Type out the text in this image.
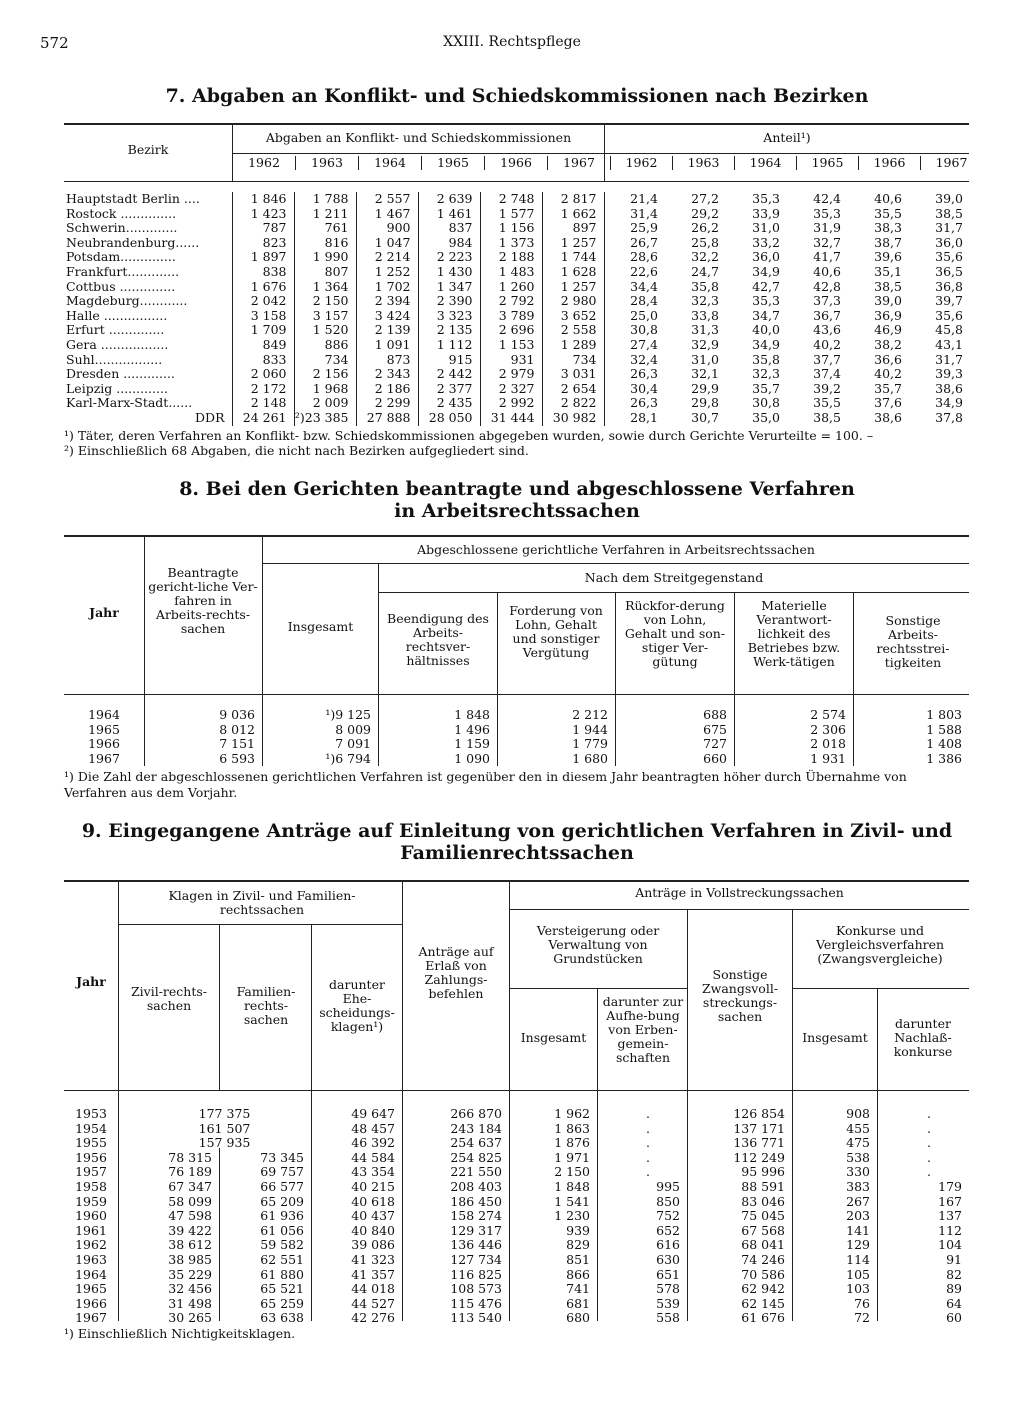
572	XXIII. Rechtspflege
7. Abgaben an Konflikt- und Schiedskommissionen nach Bezirken
Bezirk
Abgaben an Konflikt- und Schiedskommissionen	Anteil¹)
1962	1963	1964	1965	1966	1967	1962	1963	1964	1965	1966	1967
Hauptstadt Berlin ....	1 846	1 788	2 557	2 639	2 748	2 817	21,4	27,2	35,3	42,4	40,6	39,0
Rostock ..............	1 423	1 211	1 467	1 461	1 577	1 662	31,4	29,2	33,9	35,3	35,5	38,5
Schwerin.............	787	761	900	837	1 156	897	25,9	26,2	31,0	31,9	38,3	31,7
Neubrandenburg......	823	816	1 047	984	1 373	1 257	26,7	25,8	33,2	32,7	38,7	36,0
Potsdam..............	1 897	1 990	2 214	2 223	2 188	1 744	28,6	32,2	36,0	41,7	39,6	35,6
Frankfurt.............	838	807	1 252	1 430	1 483	1 628	22,6	24,7	34,9	40,6	35,1	36,5
Cottbus ..............	1 676	1 364	1 702	1 347	1 260	1 257	34,4	35,8	42,7	42,8	38,5	36,8
Magdeburg............	2 042	2 150	2 394	2 390	2 792	2 980	28,4	32,3	35,3	37,3	39,0	39,7
Halle ................	3 158	3 157	3 424	3 323	3 789	3 652	25,0	33,8	34,7	36,7	36,9	35,6
Erfurt ..............	1 709	1 520	2 139	2 135	2 696	2 558	30,8	31,3	40,0	43,6	46,9	45,8
Gera .................	849	886	1 091	1 112	1 153	1 289	27,4	32,9	34,9	40,2	38,2	43,1
Suhl.................	833	734	873	915	931	734	32,4	31,0	35,8	37,7	36,6	31,7
Dresden .............	2 060	2 156	2 343	2 442	2 979	3 031	26,3	32,1	32,3	37,4	40,2	39,3
Leipzig .............	2 172	1 968	2 186	2 377	2 327	2 654	30,4	29,9	35,7	39,2	35,7	38,6
Karl-Marx-Stadt......	2 148	2 009	2 299	2 435	2 992	2 822	26,3	29,8	30,8	35,5	37,6	34,9
DDR	24 261	²)23 385	27 888	28 050	31 444	30 982	28,1	30,7	35,0	38,5	38,6	37,8
¹) Täter, deren Verfahren an Konflikt- bzw. Schiedskommissionen abgegeben wurden, sowie durch Gerichte Verurteilte = 100. –
²) Einschließlich 68 Abgaben, die nicht nach Bezirken aufgegliedert sind.
8. Bei den Gerichten beantragte und abgeschlossene Verfahren
in Arbeitsrechtssachen
Jahr
Beantragte gericht-liche Ver-fahren in Arbeits-rechts-sachen
Abgeschlossene gerichtliche Verfahren in Arbeitsrechtssachen
Insgesamt
Nach dem Streitgegenstand
Beendigung des Arbeits-rechtsver-hältnisses
Forderung von Lohn, Gehalt und sonstiger Vergütung
Rückfor-derung von Lohn, Gehalt und son-stiger Ver-gütung
Materielle Verantwort-lichkeit des Betriebes bzw. Werk-tätigen
Sonstige Arbeits-rechtsstrei-tigkeiten
1964	9 036	¹)9 125	1 848	2 212	688	2 574	1 803
1965	8 012	8 009	1 496	1 944	675	2 306	1 588
1966	7 151	7 091	1 159	1 779	727	2 018	1 408
1967	6 593	¹)6 794	1 090	1 680	660	1 931	1 386
¹) Die Zahl der abgeschlossenen gerichtlichen Verfahren ist gegenüber den in diesem Jahr beantragten höher durch Übernahme von
Verfahren aus dem Vorjahr.
9. Eingegangene Anträge auf Einleitung von gerichtlichen Verfahren in Zivil- und
Familienrechtssachen
Jahr
Klagen in Zivil- und Familien-rechtssachen
Zivil-rechts-sachen
Familien-rechts-sachen
darunter Ehe-scheidungs-klagen¹)
Anträge auf Erlaß von Zahlungs-befehlen
Anträge in Vollstreckungssachen
Versteigerung oder Verwaltung von Grundstücken
Insgesamt
darunter zur Aufhe-bung von Erben-gemein-schaften
Sonstige Zwangsvoll-streckungs-sachen
Konkurse und Vergleichsverfahren (Zwangsvergleiche)
Insgesamt
darunter Nachlaß-konkurse
1953	177 375		49 647	266 870	1 962	.	126 854	908	.
1954	161 507		48 457	243 184	1 863	.	137 171	455	.
1955	157 935		46 392	254 637	1 876	.	136 771	475	.
1956	78 315	73 345	44 584	254 825	1 971	.	112 249	538	.
1957	76 189	69 757	43 354	221 550	2 150	.	95 996	330	.
1958	67 347	66 577	40 215	208 403	1 848	995	88 591	383	179
1959	58 099	65 209	40 618	186 450	1 541	850	83 046	267	167
1960	47 598	61 936	40 437	158 274	1 230	752	75 045	203	137
1961	39 422	61 056	40 840	129 317	939	652	67 568	141	112
1962	38 612	59 582	39 086	136 446	829	616	68 041	129	104
1963	38 985	62 551	41 323	127 734	851	630	74 246	114	91
1964	35 229	61 880	41 357	116 825	866	651	70 586	105	82
1965	32 456	65 521	44 018	108 573	741	578	62 942	103	89
1966	31 498	65 259	44 527	115 476	681	539	62 145	76	64
1967	30 265	63 638	42 276	113 540	680	558	61 676	72	60
¹) Einschließlich Nichtigkeitsklagen.
